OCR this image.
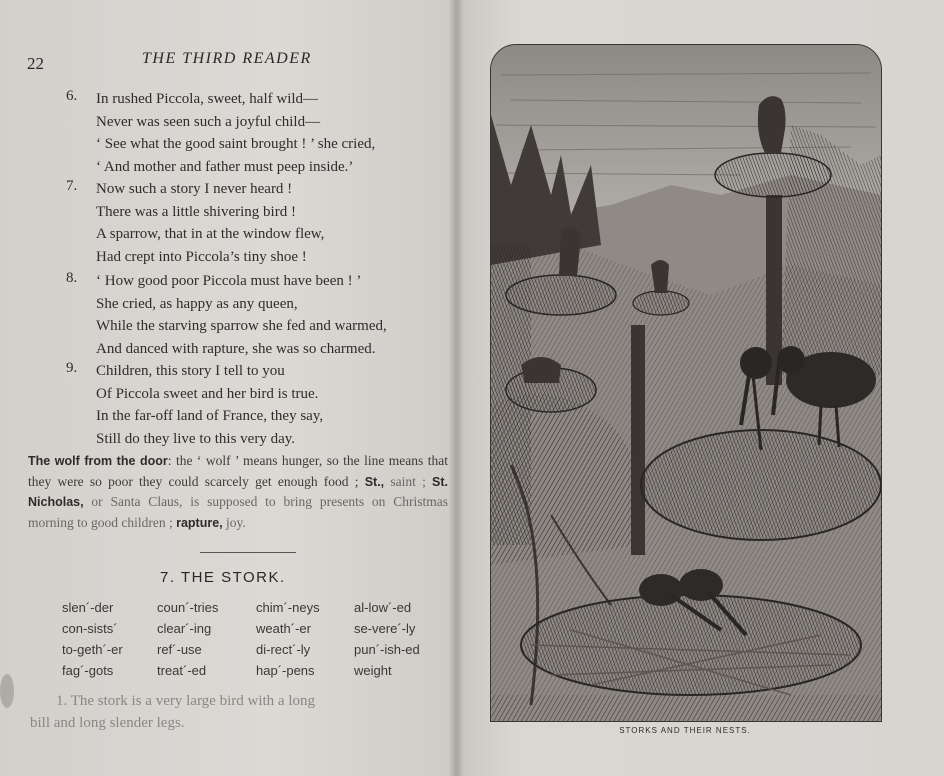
22	THE THIRD READER
6. In rushed Piccola, sweet, half wild—
Never was seen such a joyful child—
‘ See what the good saint brought ! ’ she cried,
‘ And mother and father must peep inside.’
7. Now such a story I never heard !
There was a little shivering bird !
A sparrow, that in at the window flew,
Had crept into Piccola’s tiny shoe !
8. ‘ How good poor Piccola must have been ! ’
She cried, as happy as any queen,
While the starving sparrow she fed and warmed,
And danced with rapture, she was so charmed.
9. Children, this story I tell to you
Of Piccola sweet and her bird is true.
In the far-off land of France, they say,
Still do they live to this very day.
The wolf from the door: the ‘ wolf ’ means hunger, so the line means that they were so poor they could scarcely get enough food ; St., saint ; St. Nicholas, or Santa Claus, is supposed to bring presents on Christmas morning to good children ; rapture, joy.
7. THE STORK.
slen´-der	coun´-tries	chim´-neys	al-low´-ed
con-sists´	clear´-ing	weath´-er	se-vere´-ly
to-geth´-er	ref´-use	di-rect´-ly	pun´-ish-ed
fag´-gots	treat´-ed	hap´-pens	weight
1. The stork is a very large bird with a long
bill and long slender legs.	STORKS AND THEIR NESTS.
